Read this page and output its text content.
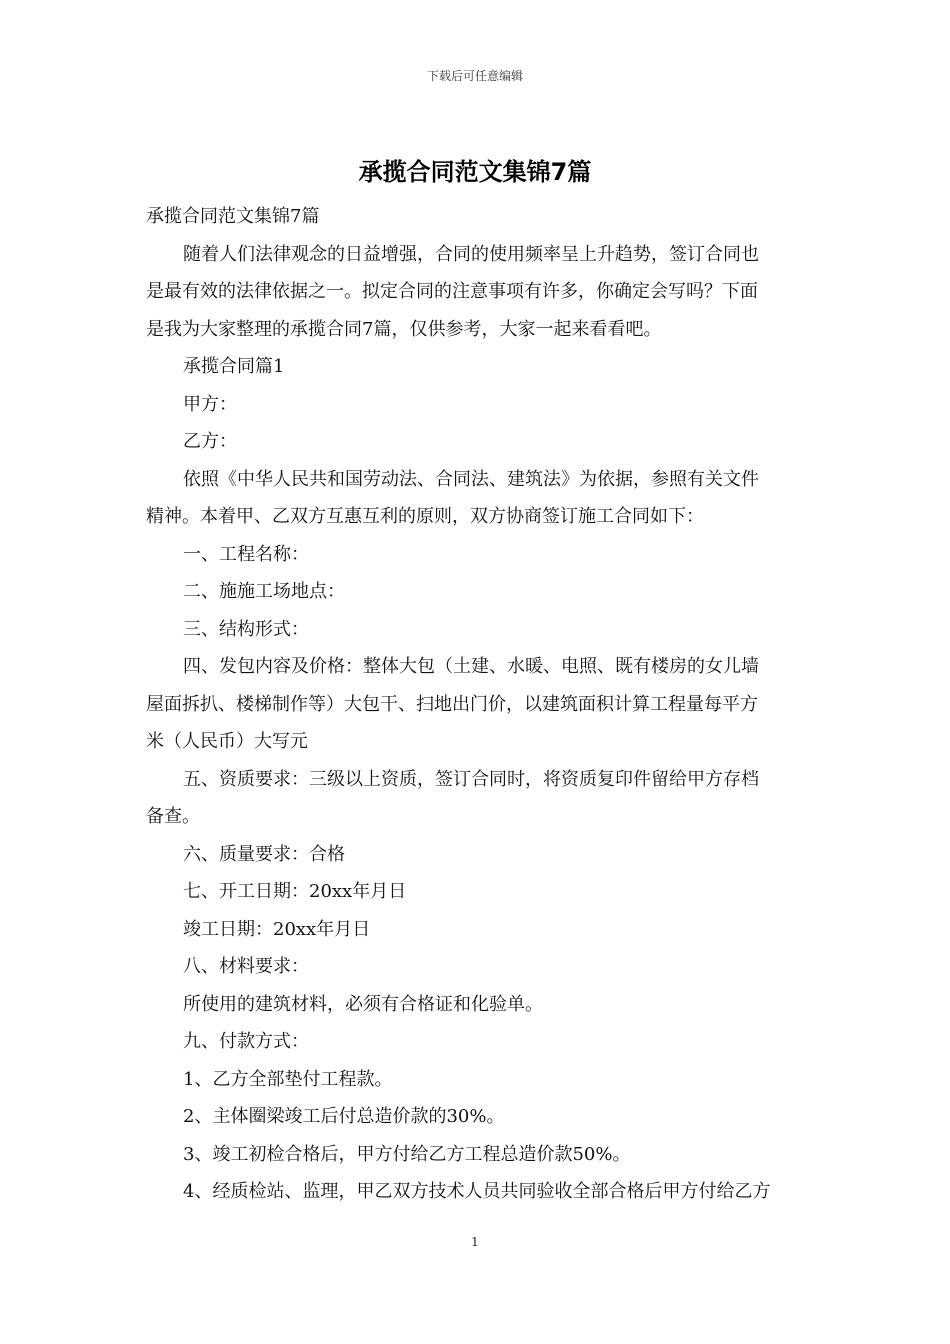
下载后可任意编辑
承揽合同范文集锦7篇
承揽合同范文集锦7篇
随着人们法律观念的日益增强，合同的使用频率呈上升趋势，签订合同也
是最有效的法律依据之一。拟定合同的注意事项有许多，你确定会写吗？下面
是我为大家整理的承揽合同7篇，仅供参考，大家一起来看看吧。
承揽合同篇1
甲方：
乙方：
依照《中华人民共和国劳动法、合同法、建筑法》为依据，参照有关文件
精神。本着甲、乙双方互惠互利的原则，双方协商签订施工合同如下：
一、工程名称：
二、施施工场地点：
三、结构形式：
四、发包内容及价格：整体大包（土建、水暖、电照、既有楼房的女儿墙
屋面拆扒、楼梯制作等）大包干、扫地出门价，以建筑面积计算工程量每平方
米（人民币）大写元
五、资质要求：三级以上资质，签订合同时，将资质复印件留给甲方存档
备查。
六、质量要求：合格
七、开工日期：20xx年月日
竣工日期：20xx年月日
八、材料要求：
所使用的建筑材料，必须有合格证和化验单。
九、付款方式：
1、乙方全部垫付工程款。
2、主体圈梁竣工后付总造价款的30%。
3、竣工初检合格后，甲方付给乙方工程总造价款50%。
4、经质检站、监理，甲乙双方技术人员共同验收全部合格后甲方付给乙方
1
